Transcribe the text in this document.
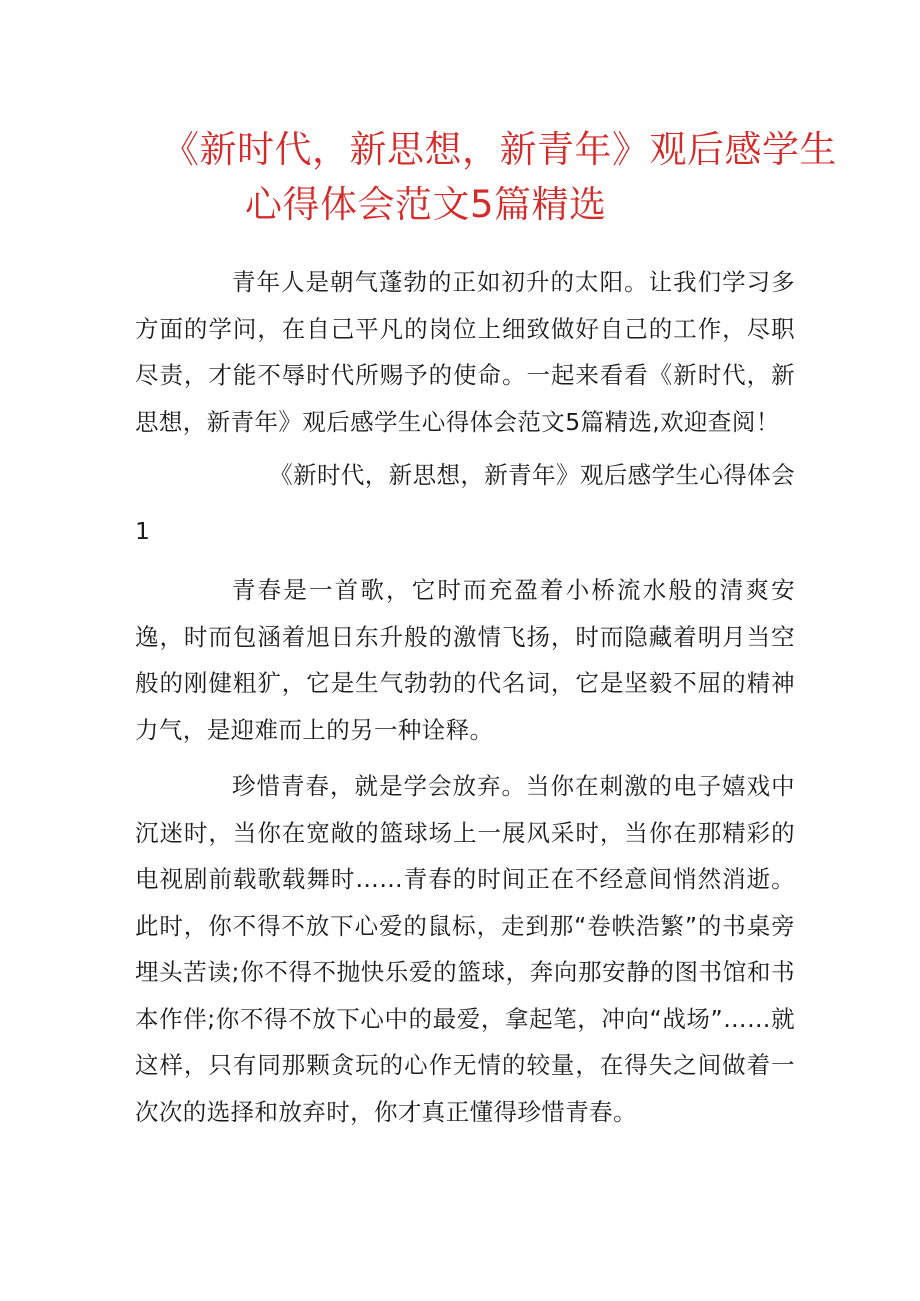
《新时代，新思想，新青年》观后感学生
心得体会范文5篇精选

青年人是朝气蓬勃的正如初升的太阳。让我们学习多方面的学问，在自己平凡的岗位上细致做好自己的工作，尽职尽责，才能不辱时代所赐予的使命。一起来看看《新时代，新思想，新青年》观后感学生心得体会范文5篇精选,欢迎查阅！

《新时代，新思想，新青年》观后感学生心得体会

1

青春是一首歌，它时而充盈着小桥流水般的清爽安逸，时而包涵着旭日东升般的激情飞扬，时而隐藏着明月当空般的刚健粗犷，它是生气勃勃的代名词，它是坚毅不屈的精神力气，是迎难而上的另一种诠释。

珍惜青春，就是学会放弃。当你在刺激的电子嬉戏中沉迷时，当你在宽敞的篮球场上一展风采时，当你在那精彩的电视剧前载歌载舞时……青春的时间正在不经意间悄然消逝。此时，你不得不放下心爱的鼠标，走到那“卷帙浩繁”的书桌旁埋头苦读;你不得不抛快乐爱的篮球，奔向那安静的图书馆和书本作伴;你不得不放下心中的最爱，拿起笔，冲向“战场”……就这样，只有同那颗贪玩的心作无情的较量，在得失之间做着一次次的选择和放弃时，你才真正懂得珍惜青春。
